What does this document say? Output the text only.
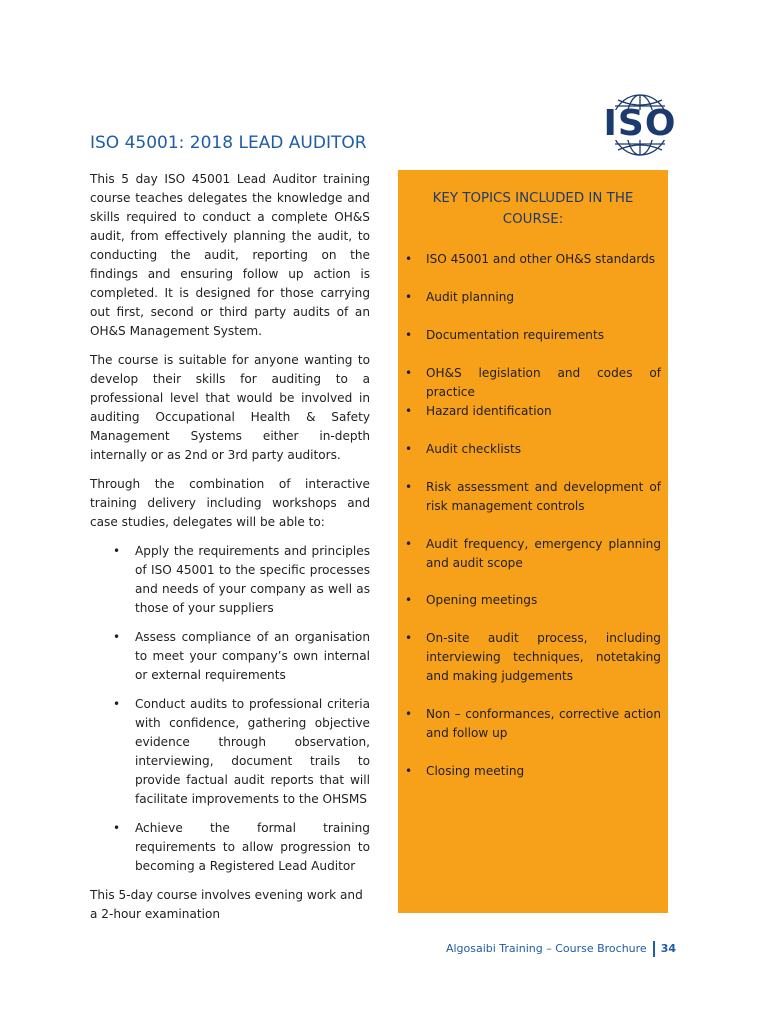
ISO
ISO 45001: 2018 LEAD AUDITOR

This 5 day ISO 45001 Lead Auditor training course teaches delegates the knowledge and skills required to conduct a complete OH&S audit, from effectively planning the audit, to conducting the audit, reporting on the findings and ensuring follow up action is completed. It is designed for those carrying out first, second or third party audits of an OH&S Management System.

The course is suitable for anyone wanting to develop their skills for auditing to a professional level that would be involved in auditing Occupational Health & Safety Management Systems either in-depth internally or as 2nd or 3rd party auditors.

Through the combination of interactive training delivery including workshops and case studies, delegates will be able to:

• Apply the requirements and principles of ISO 45001 to the specific processes and needs of your company as well as those of your suppliers
• Assess compliance of an organisation to meet your company’s own internal or external requirements
• Conduct audits to professional criteria with confidence, gathering objective evidence through observation, interviewing, document trails to provide factual audit reports that will facilitate improvements to the OHSMS
• Achieve the formal training requirements to allow progression to becoming a Registered Lead Auditor

This 5-day course involves evening work and a 2-hour examination

KEY TOPICS INCLUDED IN THE COURSE:
• ISO 45001 and other OH&S standards
• Audit planning
• Documentation requirements
• OH&S legislation and codes of practice
• Hazard identification
• Audit checklists
• Risk assessment and development of risk management controls
• Audit frequency, emergency planning and audit scope
• Opening meetings
• On-site audit process, including interviewing techniques, notetaking and making judgements
• Non – conformances, corrective action and follow up
• Closing meeting
Algosaibi Training – Course Brochure 34
